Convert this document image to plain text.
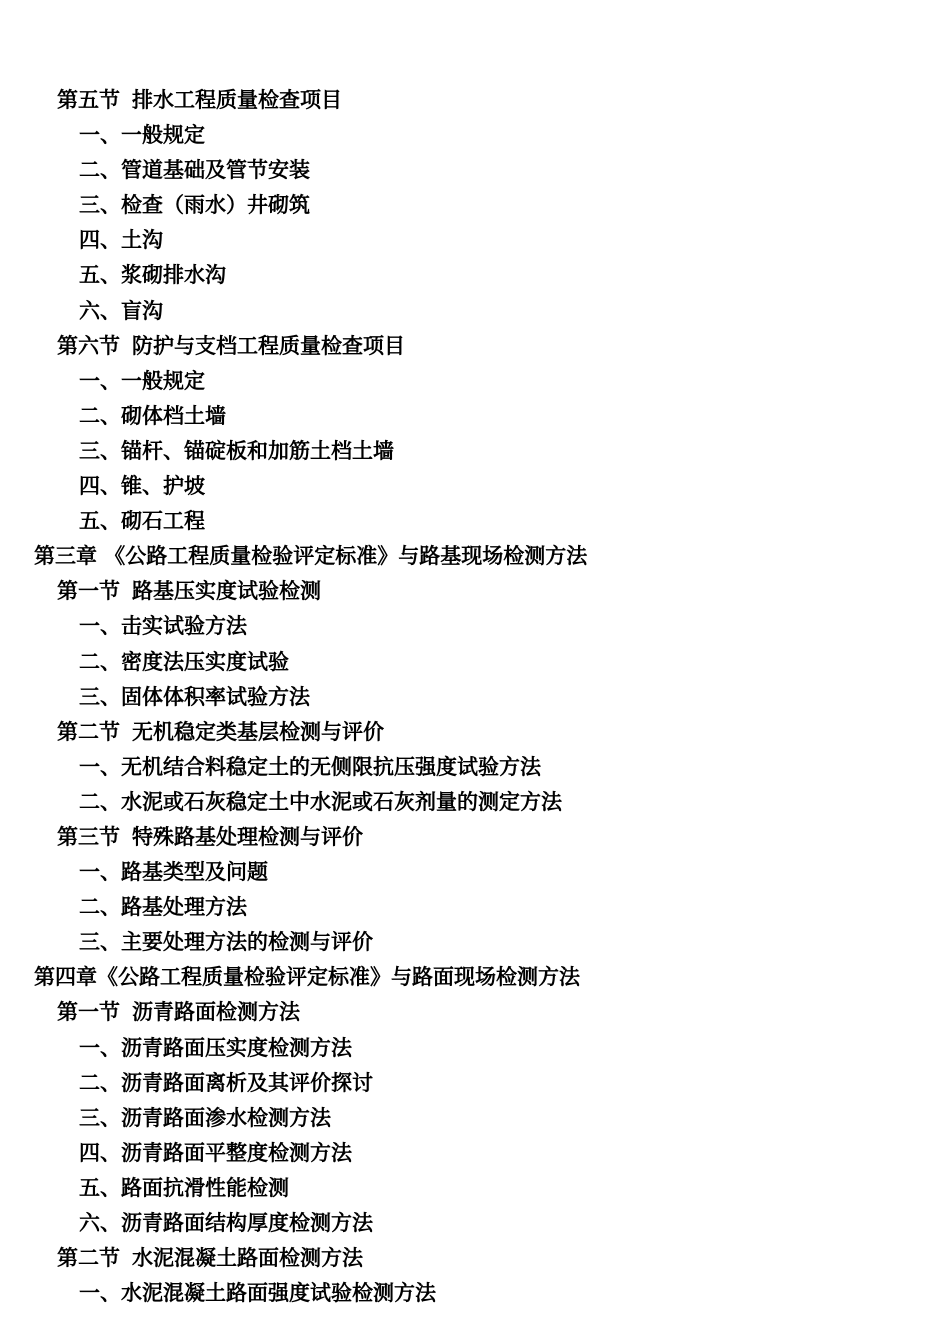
第五节 排水工程质量检查项目
一、一般规定
二、管道基础及管节安装
三、检查（雨水）井砌筑
四、土沟
五、浆砌排水沟
六、盲沟
第六节 防护与支档工程质量检查项目
一、一般规定
二、砌体档土墙
三、锚杆、锚碇板和加筋土档土墙
四、锥、护坡
五、砌石工程
第三章 《公路工程质量检验评定标准》与路基现场检测方法
第一节 路基压实度试验检测
一、击实试验方法
二、密度法压实度试验
三、固体体积率试验方法
第二节 无机稳定类基层检测与评价
一、无机结合料稳定土的无侧限抗压强度试验方法
二、水泥或石灰稳定土中水泥或石灰剂量的测定方法
第三节 特殊路基处理检测与评价
一、路基类型及问题
二、路基处理方法
三、主要处理方法的检测与评价
第四章《公路工程质量检验评定标准》与路面现场检测方法
第一节 沥青路面检测方法
一、沥青路面压实度检测方法
二、沥青路面离析及其评价探讨
三、沥青路面渗水检测方法
四、沥青路面平整度检测方法
五、路面抗滑性能检测
六、沥青路面结构厚度检测方法
第二节 水泥混凝土路面检测方法
一、水泥混凝土路面强度试验检测方法
